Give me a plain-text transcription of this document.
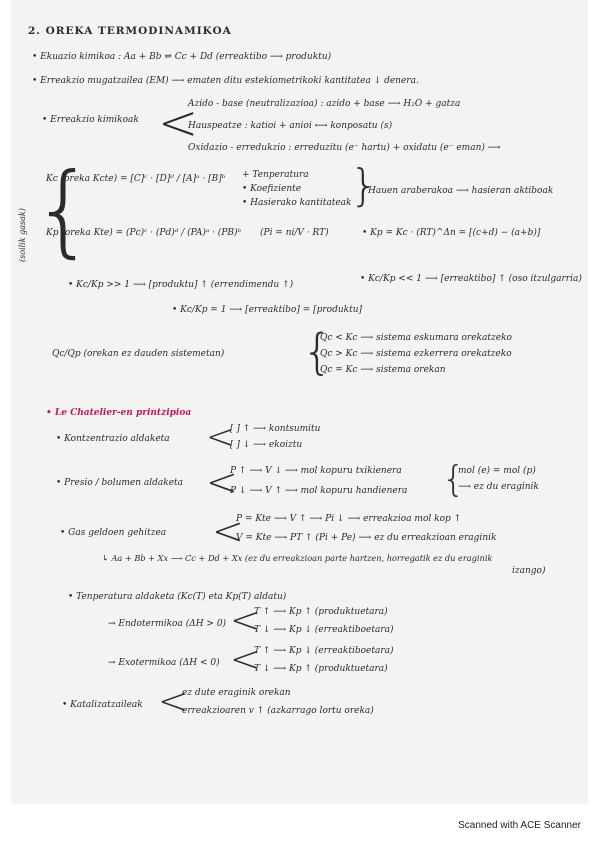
2. OREKA TERMODINAMIKOA
• Ekuazio kimikoa : Aa + Bb ⇌ Cc + Dd (erreaktibo ⟶ produktu)
• Erreakzio mugatzailea (EM) ⟶ ematen ditu estekiometrikoki kantitatea ↓ denera.
• Erreakzio kimikoak <
Azido - base (neutralizazioa) : azido + base ⟶ H₂O + gatza
Hauspeatze : katioi + anioi ⟷ konposatu (s)
Oxidazio - erredukzio : erreduzitu (e⁻ hartu) + oxidatu (e⁻ eman) ⟶
(soilik gasak) {
Kc (oreka Kcte) = [C]ᶜ · [D]ᵈ / [A]ᵃ · [B]ᵇ + Tenperatura
• Koefiziente
• Hasierako kantitateak
}
Hauen araberakoa ⟶ hasieran aktiboak
Kp (oreka Kte) = (Pc)ᶜ · (Pd)ᵈ / (PA)ᵃ · (PB)ᵇ (Pi = ni/V · RT)	• Kp = Kc · (RT)^Δn = [(c+d) − (a+b)]
• Kc/Kp >> 1 ⟶ [produktu] ↑ (errendimendu ↑)
• Kc/Kp << 1 ⟶ [erreaktibo] ↑ (oso itzulgarria)
• Kc/Kp = 1 ⟶ [erreaktibo] = [produktu]
Qc/Qp (orekan ez dauden sistemetan) {
Qc < Kc ⟶ sistema eskumara orekatzeko
Qc > Kc ⟶ sistema ezkerrera orekatzeko
Qc = Kc ⟶ sistema orekan
• Le Chatelier-en printzipioa
• Kontzentrazio aldaketa <
[ ] ↑ ⟶ kontsumitu
[ ] ↓ ⟶ ekoiztu
• Presio / bolumen aldaketa <
P ↑ ⟶ V ↓ ⟶ mol kopuru txikienera
P ↓ ⟶ V ↑ ⟶ mol kopuru handienera {
mol (e) = mol (p)
⟶ ez du eraginik
• Gas geldoen gehitzea <
P = Kte ⟶ V ↑ ⟶ Pi ↓ ⟶ erreakzioa mol kop ↑
V = Kte ⟶ PT ↑ (Pi + Pe) ⟶ ez du erreakzioan eraginik
↳ Aa + Bb + Xx ⟶ Cc + Dd + Xx (ez du erreakzioan parte hartzen, horregatik ez du eraginik
izango)
• Tenperatura aldaketa (Kc(T) eta Kp(T) aldatu)
→ Endotermikoa (ΔH > 0) <
T ↑ ⟶ Kp ↑ (produktuetara)
T ↓ ⟶ Kp ↓ (erreaktiboetara)
→ Exotermikoa (ΔH < 0) <
T ↑ ⟶ Kp ↓ (erreaktiboetara)
T ↓ ⟶ Kp ↑ (produktuetara)
• Katalizatzaileak <
ez dute eraginik orekan
erreakzioaren v ↑ (azkarrago lortu oreka)
Scanned with ACE Scanner
